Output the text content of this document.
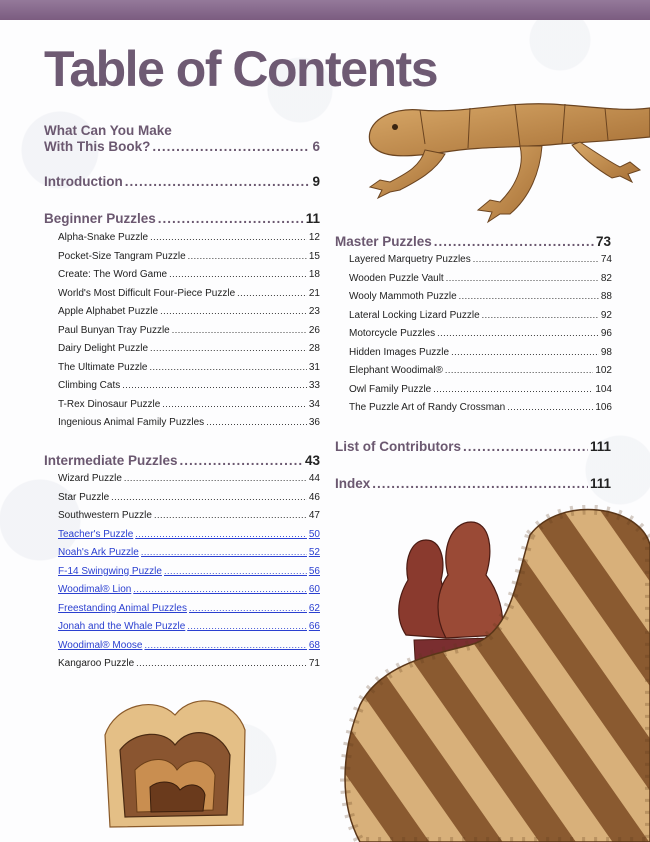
Table of Contents
What Can You Make
With This Book? .....	6
Introduction .....	9
Beginner Puzzles .....	11
Alpha-Snake Puzzle .....	12
Pocket-Size Tangram Puzzle .....	15
Create: The Word Game .....	18
World's Most Difficult Four-Piece Puzzle .....	21
Apple Alphabet Puzzle .....	23
Paul Bunyan Tray Puzzle .....	26
Dairy Delight Puzzle .....	28
The Ultimate Puzzle .....	31
Climbing Cats .....	33
T-Rex Dinosaur Puzzle .....	34
Ingenious Animal Family Puzzles .....	36
Intermediate Puzzles .....	43
Wizard Puzzle .....	44
Star Puzzle .....	46
Southwestern Puzzle .....	47
Teacher's Puzzle .....	50
Noah's Ark Puzzle .....	52
F-14 Swingwing Puzzle .....	56
Woodimal® Lion .....	60
Freestanding Animal Puzzles .....	62
Jonah and the Whale Puzzle .....	66
Woodimal® Moose .....	68
Kangaroo Puzzle .....	71
Master Puzzles .....	73
Layered Marquetry Puzzles .....	74
Wooden Puzzle Vault .....	82
Wooly Mammoth Puzzle .....	88
Lateral Locking Lizard Puzzle .....	92
Motorcycle Puzzles .....	96
Hidden Images Puzzle .....	98
Elephant Woodimal® .....	102
Owl Family Puzzle .....	104
The Puzzle Art of Randy Crossman .....	106
List of Contributors .....	111
Index .....	111
